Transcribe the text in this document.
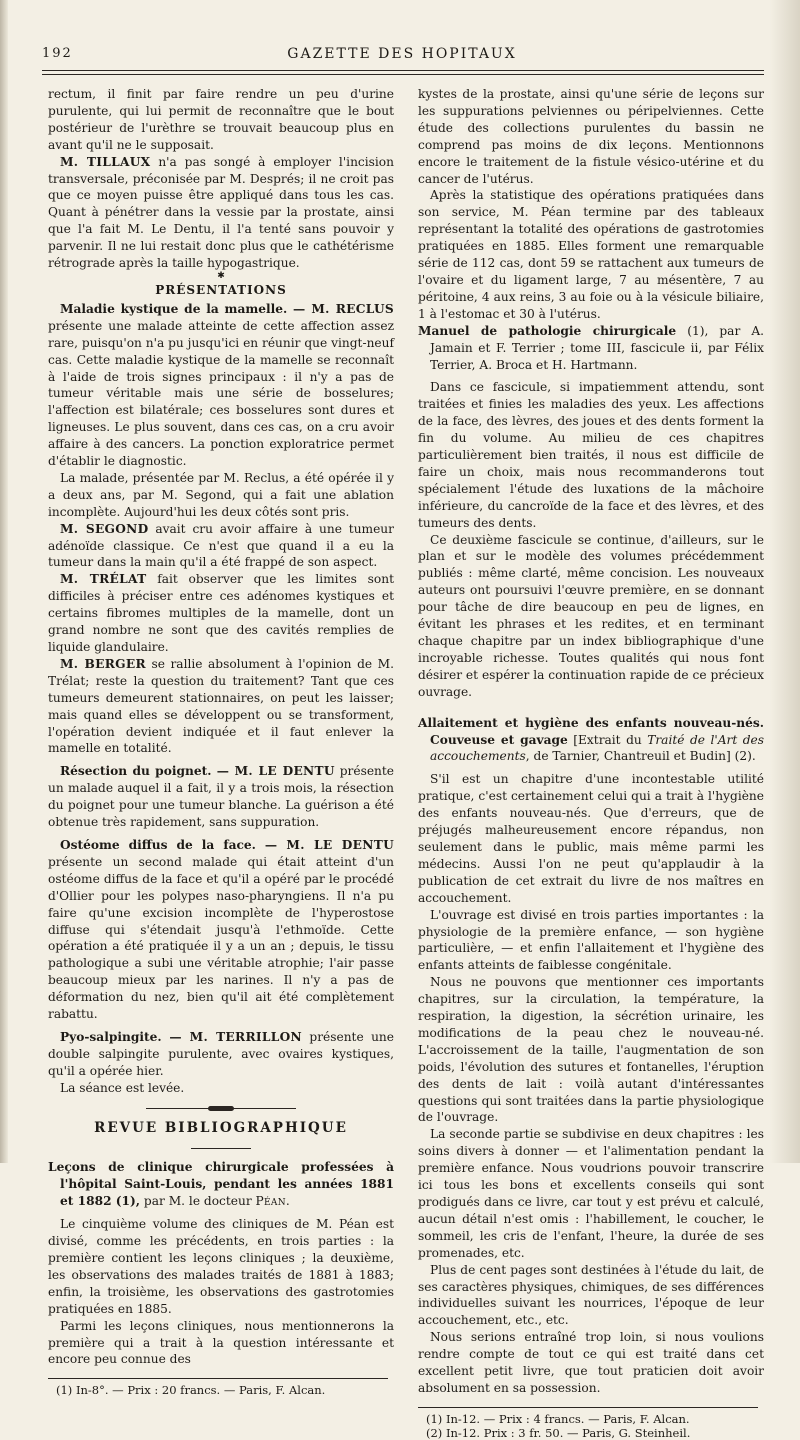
192	GAZETTE DES HOPITAUX

rectum, il finit par faire rendre un peu d'urine purulente, qui lui permit de reconnaître que le bout postérieur de l'urèthre se trouvait beaucoup plus en avant qu'il ne le supposait.

M. TILLAUX n'a pas songé à employer l'incision transversale, préconisée par M. Després; il ne croit pas que ce moyen puisse être appliqué dans tous les cas. Quant à pénétrer dans la vessie par la prostate, ainsi que l'a fait M. Le Dentu, il l'a tenté sans pouvoir y parvenir. Il ne lui restait donc plus que le cathétérisme rétrograde après la taille hypogastrique.

✱
PRÉSENTATIONS

Maladie kystique de la mamelle. — M. RECLUS présente une malade atteinte de cette affection assez rare, puisqu'on n'a pu jusqu'ici en réunir que vingt-neuf cas. Cette maladie kystique de la mamelle se reconnaît à l'aide de trois signes principaux : il n'y a pas de tumeur véritable mais une série de bosselures; l'affection est bilatérale; ces bosselures sont dures et ligneuses. Le plus souvent, dans ces cas, on a cru avoir affaire à des cancers. La ponction exploratrice permet d'établir le diagnostic.

La malade, présentée par M. Reclus, a été opérée il y a deux ans, par M. Segond, qui a fait une ablation incomplète. Aujourd'hui les deux côtés sont pris.

M. SEGOND avait cru avoir affaire à une tumeur adénoïde classique. Ce n'est que quand il a eu la tumeur dans la main qu'il a été frappé de son aspect.

M. TRÉLAT fait observer que les limites sont difficiles à préciser entre ces adénomes kystiques et certains fibromes multiples de la mamelle, dont un grand nombre ne sont que des cavités remplies de liquide glandulaire.

M. BERGER se rallie absolument à l'opinion de M. Trélat; reste la question du traitement? Tant que ces tumeurs demeurent stationnaires, on peut les laisser; mais quand elles se développent ou se transforment, l'opération devient indiquée et il faut enlever la mamelle en totalité.

Résection du poignet. — M. LE DENTU présente un malade auquel il a fait, il y a trois mois, la résection du poignet pour une tumeur blanche. La guérison a été obtenue très rapidement, sans suppuration.

Ostéome diffus de la face. — M. LE DENTU présente un second malade qui était atteint d'un ostéome diffus de la face et qu'il a opéré par le procédé d'Ollier pour les polypes naso-pharyngiens. Il n'a pu faire qu'une excision incomplète de l'hyperostose diffuse qui s'étendait jusqu'à l'ethmoïde. Cette opération a été pratiquée il y a un an ; depuis, le tissu pathologique a subi une véritable atrophie; l'air passe beaucoup mieux par les narines. Il n'y a pas de déformation du nez, bien qu'il ait été complètement rabattu.

Pyo-salpingite. — M. TERRILLON présente une double salpingite purulente, avec ovaires kystiques, qu'il a opérée hier.

La séance est levée.

REVUE BIBLIOGRAPHIQUE

Leçons de clinique chirurgicale professées à l'hôpital Saint-Louis, pendant les années 1881 et 1882 (1), par M. le docteur Péan.

Le cinquième volume des cliniques de M. Péan est divisé, comme les précédents, en trois parties : la première contient les leçons cliniques ; la deuxième, les observations des malades traités de 1881 à 1883; enfin, la troisième, les observations des gastrotomies pratiquées en 1885.

Parmi les leçons cliniques, nous mentionnerons la première qui a trait à la question intéressante et encore peu connue des

(1) In-8°. — Prix : 20 francs. — Paris, F. Alcan.

kystes de la prostate, ainsi qu'une série de leçons sur les suppurations pelviennes ou péripelviennes. Cette étude des collections purulentes du bassin ne comprend pas moins de dix leçons. Mentionnons encore le traitement de la fistule vésico-utérine et du cancer de l'utérus.

Après la statistique des opérations pratiquées dans son service, M. Péan termine par des tableaux représentant la totalité des opérations de gastrotomies pratiquées en 1885. Elles forment une remarquable série de 112 cas, dont 59 se rattachent aux tumeurs de l'ovaire et du ligament large, 7 au mésentère, 7 au péritoine, 4 aux reins, 3 au foie ou à la vésicule biliaire, 1 à l'estomac et 30 à l'utérus.

Manuel de pathologie chirurgicale (1), par A. Jamain et F. Terrier ; tome III, fascicule ii, par Félix Terrier, A. Broca et H. Hartmann.

Dans ce fascicule, si impatiemment attendu, sont traitées et finies les maladies des yeux. Les affections de la face, des lèvres, des joues et des dents forment la fin du volume. Au milieu de ces chapitres particulièrement bien traités, il nous est difficile de faire un choix, mais nous recommanderons tout spécialement l'étude des luxations de la mâchoire inférieure, du cancroïde de la face et des lèvres, et des tumeurs des dents.

Ce deuxième fascicule se continue, d'ailleurs, sur le plan et sur le modèle des volumes précédemment publiés : même clarté, même concision. Les nouveaux auteurs ont poursuivi l'œuvre première, en se donnant pour tâche de dire beaucoup en peu de lignes, en évitant les phrases et les redites, et en terminant chaque chapitre par un index bibliographique d'une incroyable richesse. Toutes qualités qui nous font désirer et espérer la continuation rapide de ce précieux ouvrage.

Allaitement et hygiène des enfants nouveau-nés. Couveuse et gavage [Extrait du Traité de l'Art des accouchements, de Tarnier, Chantreuil et Budin] (2).

S'il est un chapitre d'une incontestable utilité pratique, c'est certainement celui qui a trait à l'hygiène des enfants nouveau-nés. Que d'erreurs, que de préjugés malheureusement encore répandus, non seulement dans le public, mais même parmi les médecins. Aussi l'on ne peut qu'applaudir à la publication de cet extrait du livre de nos maîtres en accouchement.

L'ouvrage est divisé en trois parties importantes : la physiologie de la première enfance, — son hygiène particulière, — et enfin l'allaitement et l'hygiène des enfants atteints de faiblesse congénitale.

Nous ne pouvons que mentionner ces importants chapitres, sur la circulation, la température, la respiration, la digestion, la sécrétion urinaire, les modifications de la peau chez le nouveau-né. L'accroissement de la taille, l'augmentation de son poids, l'évolution des sutures et fontanelles, l'éruption des dents de lait : voilà autant d'intéressantes questions qui sont traitées dans la partie physiologique de l'ouvrage.

La seconde partie se subdivise en deux chapitres : les soins divers à donner — et l'alimentation pendant la première enfance. Nous voudrions pouvoir transcrire ici tous les bons et excellents conseils qui sont prodigués dans ce livre, car tout y est prévu et calculé, aucun détail n'est omis : l'habillement, le coucher, le sommeil, les cris de l'enfant, l'heure, la durée de ses promenades, etc.

Plus de cent pages sont destinées à l'étude du lait, de ses caractères physiques, chimiques, de ses différences individuelles suivant les nourrices, l'époque de leur accouchement, etc., etc.

Nous serions entraîné trop loin, si nous voulions rendre compte de tout ce qui est traité dans cet excellent petit livre, que tout praticien doit avoir absolument en sa possession.

(1) In-12. — Prix : 4 francs. — Paris, F. Alcan.

(2) In-12. Prix : 3 fr. 50. — Paris, G. Steinheil.
